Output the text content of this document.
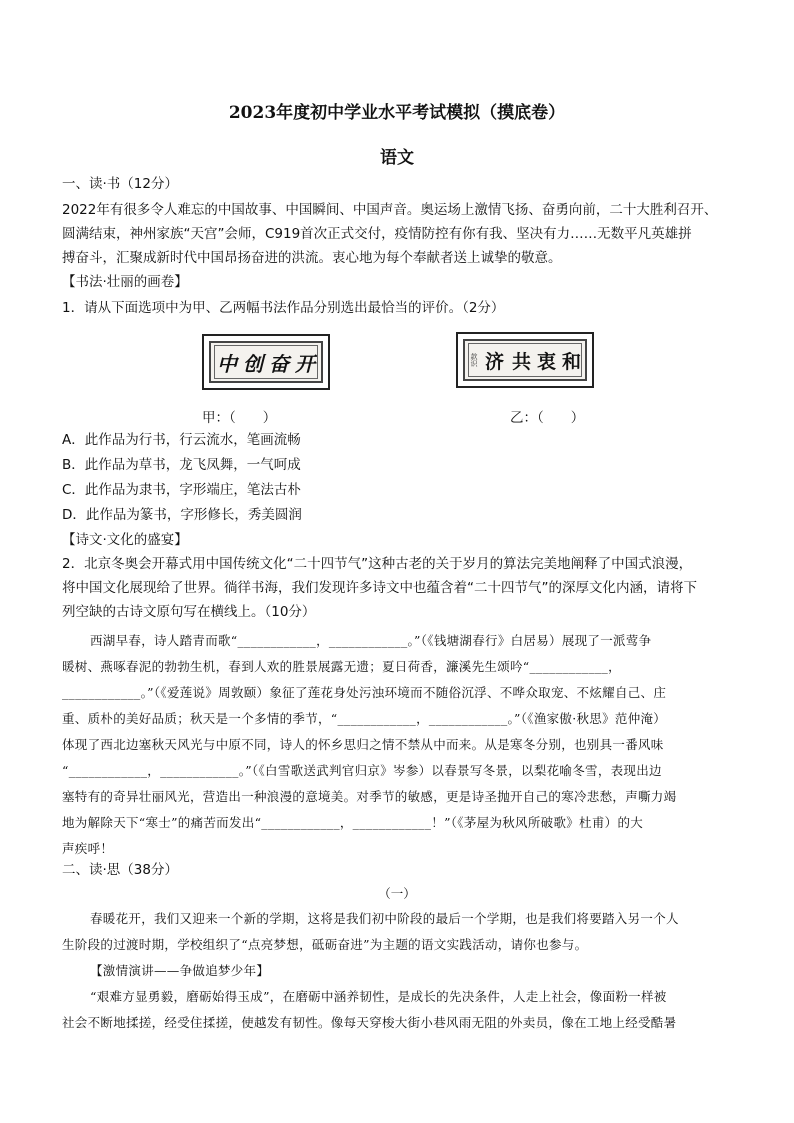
2023年度初中学业水平考试模拟（摸底卷）
语文
一、读·书（12分）
2022年有很多令人难忘的中国故事、中国瞬间、中国声音。奥运场上激情飞扬、奋勇向前，二十大胜利召开、
圆满结束，神州家族“天宫”会师，C919首次正式交付，疫情防控有你有我、坚决有力……无数平凡英雄拼
搏奋斗，汇聚成新时代中国昂扬奋进的洪流。衷心地为每个奉献者送上诚挚的敬意。
【书法·壮丽的画卷】
1．请从下面选项中为甲、乙两幅书法作品分别选出最恰当的评价。（2分）
中 创 奋 开	款识 济 共 衷 和
甲：（　　）	乙：（　　）
A．此作品为行书，行云流水，笔画流畅
B．此作品为草书，龙飞凤舞，一气呵成
C．此作品为隶书，字形端庄，笔法古朴
D．此作品为篆书，字形修长，秀美圆润
【诗文·文化的盛宴】
2．北京冬奥会开幕式用中国传统文化“二十四节气”这种古老的关于岁月的算法完美地阐释了中国式浪漫，
将中国文化展现给了世界。徜徉书海，我们发现许多诗文中也蕴含着“二十四节气”的深厚文化内涵，请将下
列空缺的古诗文原句写在横线上。（10分）
西湖早春，诗人踏青而歌“____________，____________。”（《钱塘湖春行》白居易）展现了一派莺争
暖树、燕啄春泥的勃勃生机，春到人欢的胜景展露无遗；夏日荷香，濂溪先生颂吟“____________，
____________。”（《爱莲说》周敦颐）象征了莲花身处污浊环境而不随俗沉浮、不哗众取宠、不炫耀自己、庄
重、质朴的美好品质；秋天是一个多情的季节，“____________，____________。”（《渔家傲·秋思》范仲淹）
体现了西北边塞秋天风光与中原不同，诗人的怀乡思归之情不禁从中而来。从是寒冬分别，也别具一番风味
“____________，____________。”（《白雪歌送武判官归京》岑参）以春景写冬景，以梨花喻冬雪，表现出边
塞特有的奇异壮丽风光，营造出一种浪漫的意境美。对季节的敏感，更是诗圣抛开自己的寒冷悲愁，声嘶力竭
地为解除天下“寒士”的痛苦而发出“____________，____________！”（《茅屋为秋风所破歌》杜甫）的大
声疾呼！
二、读·思（38分）
（一）
春暖花开，我们又迎来一个新的学期，这将是我们初中阶段的最后一个学期，也是我们将要踏入另一个人
生阶段的过渡时期，学校组织了“点亮梦想，砥砺奋进”为主题的语文实践活动，请你也参与。
【激情演讲——争做追梦少年】
“艰难方显勇毅，磨砺始得玉成”，在磨砺中涵养韧性，是成长的先决条件，人走上社会，像面粉一样被
社会不断地揉搓，经受住揉搓，使越发有韧性。像每天穿梭大街小巷风雨无阻的外卖员，像在工地上经受酷暑
